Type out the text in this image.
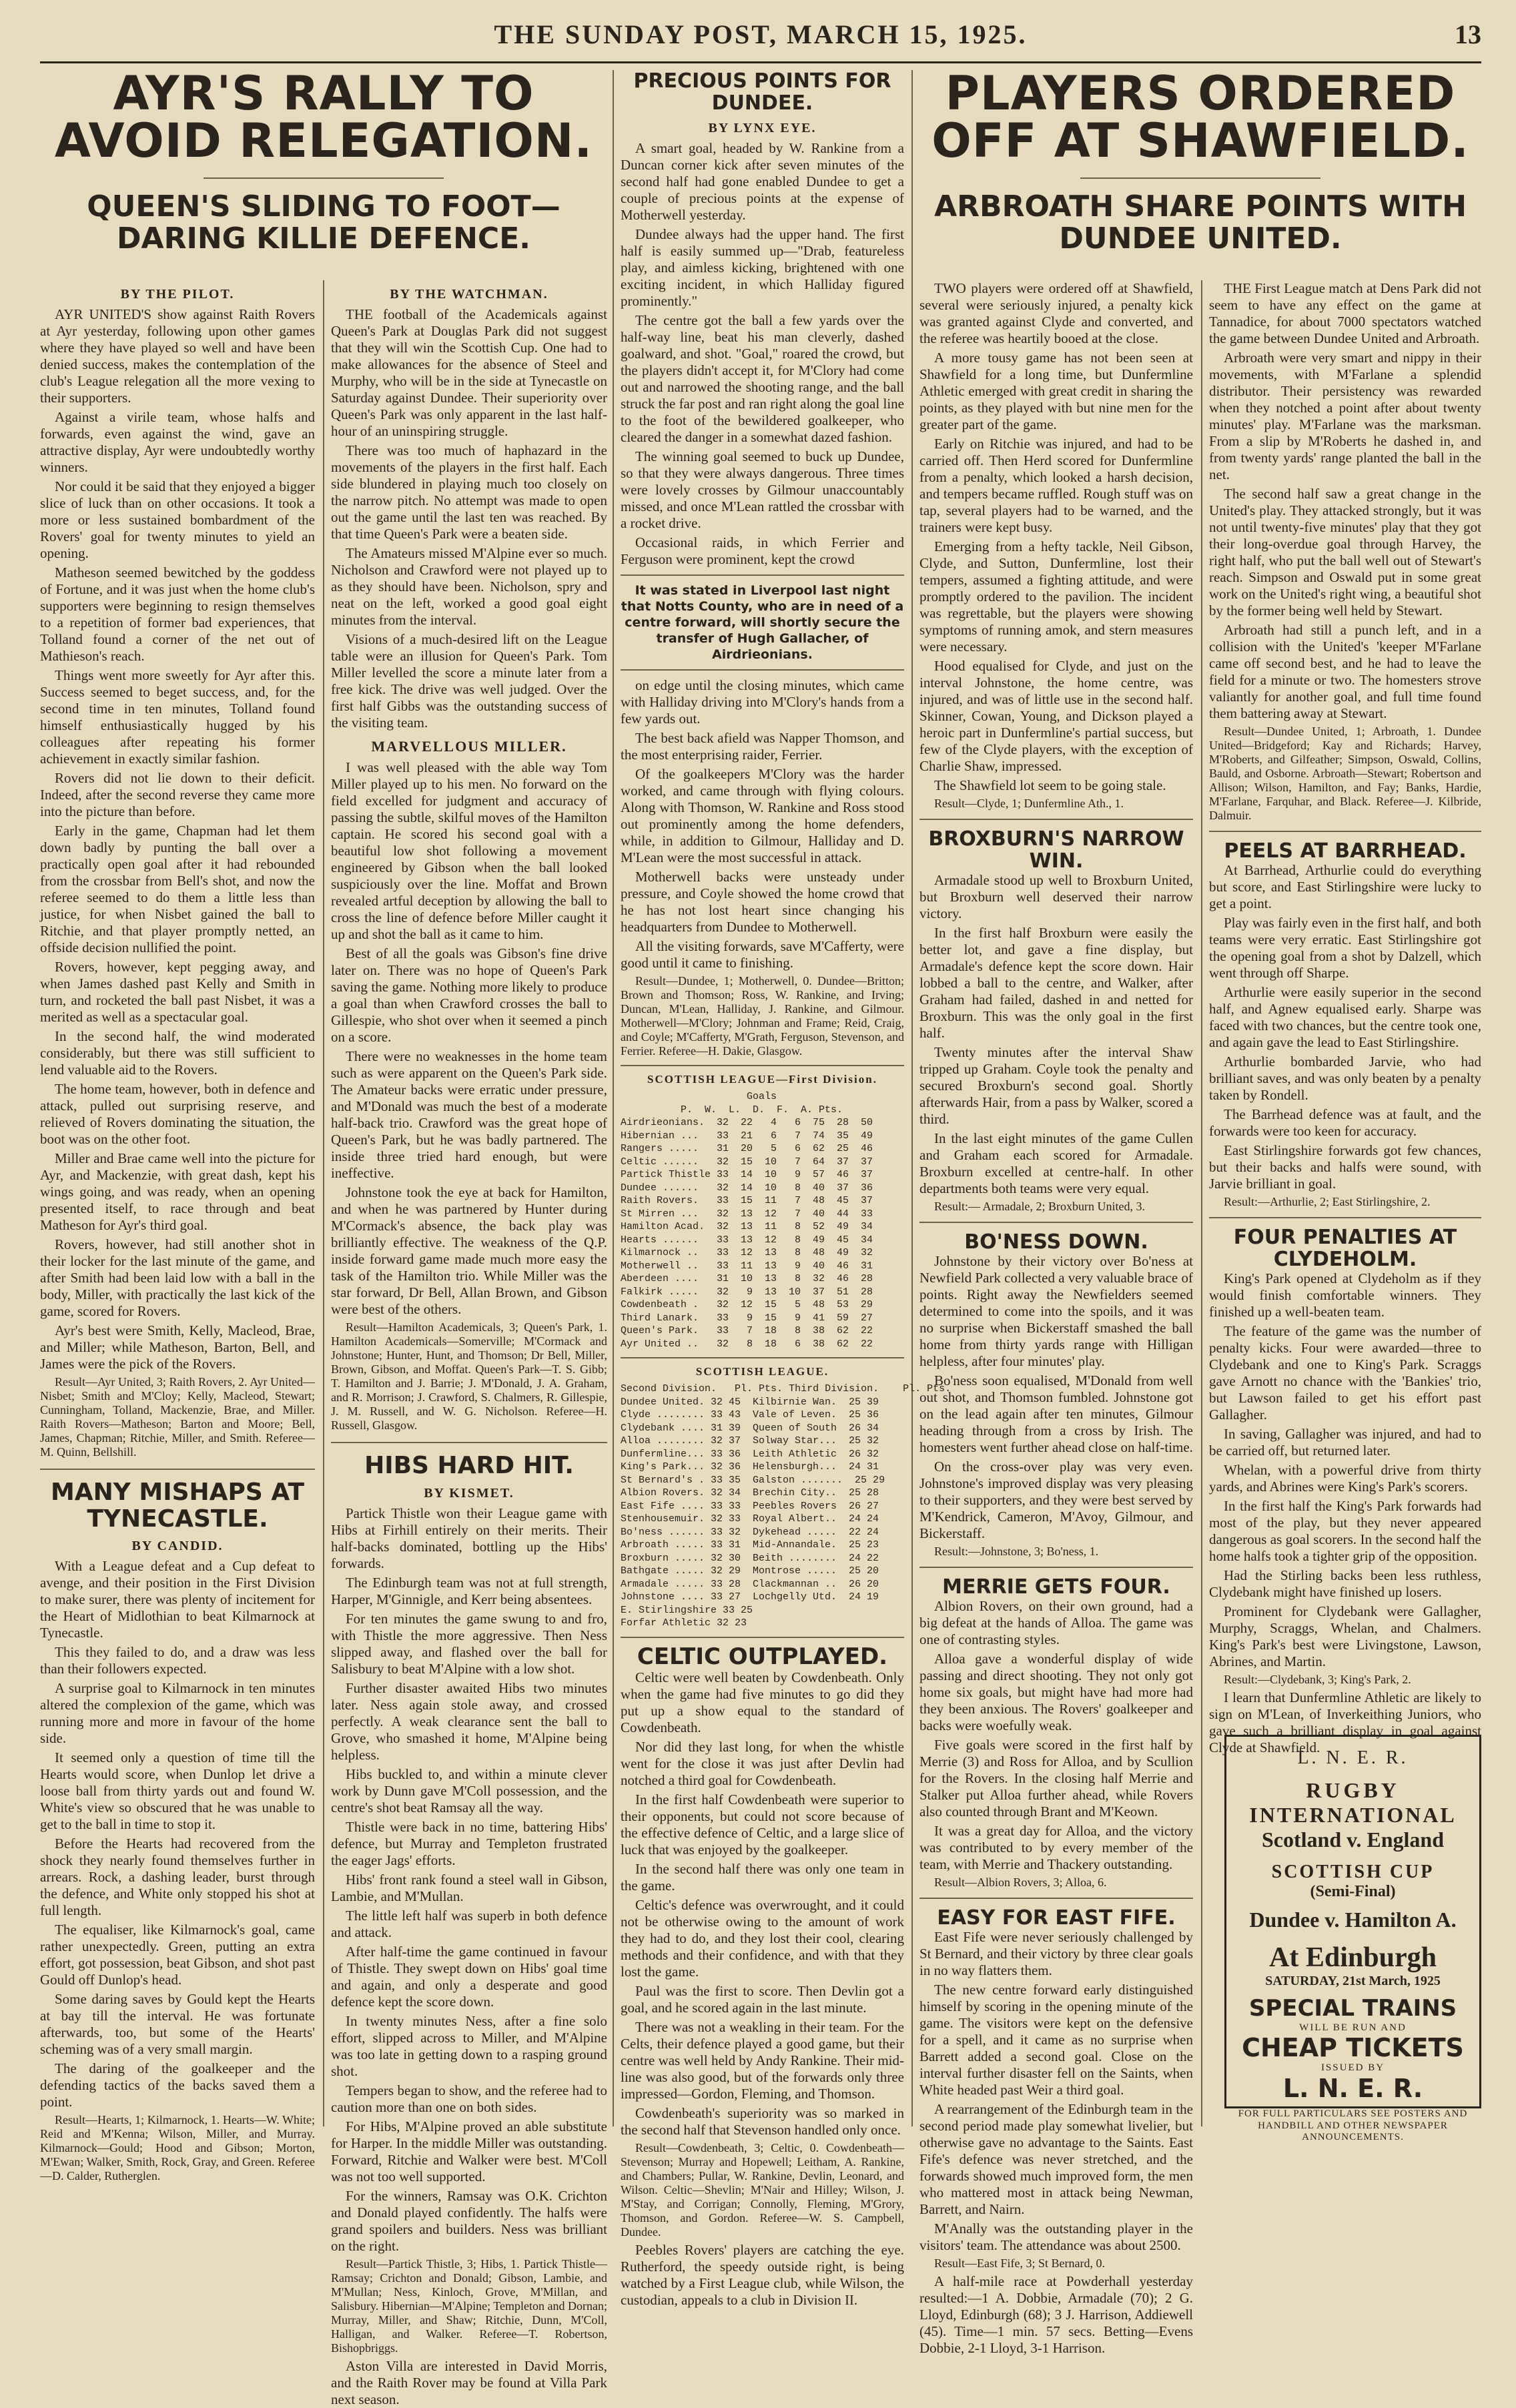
THE SUNDAY POST, MARCH 15, 1925.	13
AYR'S RALLY TO AVOID RELEGATION.
QUEEN'S SLIDING TO FOOT—DARING KILLIE DEFENCE.
BY THE PILOT.

AYR UNITED'S show against Raith Rovers at Ayr yesterday, following upon other games where they have played so well and have been denied success, makes the contemplation of the club's League relegation all the more vexing to their supporters.

Against a virile team, whose halfs and forwards, even against the wind, gave an attractive display, Ayr were undoubtedly worthy winners.

Nor could it be said that they enjoyed a bigger slice of luck than on other occasions. It took a more or less sustained bombardment of the Rovers' goal for twenty minutes to yield an opening.

Matheson seemed bewitched by the goddess of Fortune, and it was just when the home club's supporters were beginning to resign themselves to a repetition of former bad experiences, that Tolland found a corner of the net out of Mathieson's reach.

Things went more sweetly for Ayr after this. Success seemed to beget success, and, for the second time in ten minutes, Tolland found himself enthusiastically hugged by his colleagues after repeating his former achievement in exactly similar fashion.

Rovers did not lie down to their deficit. Indeed, after the second reverse they came more into the picture than before.

Early in the game, Chapman had let them down badly by punting the ball over a practically open goal after it had rebounded from the crossbar from Bell's shot, and now the referee seemed to do them a little less than justice, for when Nisbet gained the ball to Ritchie, and that player promptly netted, an offside decision nullified the point.

Rovers, however, kept pegging away, and when James dashed past Kelly and Smith in turn, and rocketed the ball past Nisbet, it was a merited as well as a spectacular goal.

In the second half, the wind moderated considerably, but there was still sufficient to lend valuable aid to the Rovers.

The home team, however, both in defence and attack, pulled out surprising reserve, and relieved of Rovers dominating the situation, the boot was on the other foot.

Miller and Brae came well into the picture for Ayr, and Mackenzie, with great dash, kept his wings going, and was ready, when an opening presented itself, to race through and beat Matheson for Ayr's third goal.

Rovers, however, had still another shot in their locker for the last minute of the game, and after Smith had been laid low with a ball in the body, Miller, with practically the last kick of the game, scored for Rovers.

Ayr's best were Smith, Kelly, Macleod, Brae, and Miller; while Matheson, Barton, Bell, and James were the pick of the Rovers.

Result—Ayr United, 3; Raith Rovers, 2. Ayr United—Nisbet; Smith and M'Cloy; Kelly, Macleod, Stewart; Cunningham, Tolland, Mackenzie, Brae, and Miller. Raith Rovers—Matheson; Barton and Moore; Bell, James, Chapman; Ritchie, Miller, and Smith. Referee—M. Quinn, Bellshill.

MANY MISHAPS AT TYNECASTLE.
BY CANDID.

With a League defeat and a Cup defeat to avenge, and their position in the First Division to make surer, there was plenty of incitement for the Heart of Midlothian to beat Kilmarnock at Tynecastle.

This they failed to do, and a draw was less than their followers expected.

A surprise goal to Kilmarnock in ten minutes altered the complexion of the game, which was running more and more in favour of the home side.

It seemed only a question of time till the Hearts would score, when Dunlop let drive a loose ball from thirty yards out and found W. White's view so obscured that he was unable to get to the ball in time to stop it.

Before the Hearts had recovered from the shock they nearly found themselves further in arrears. Rock, a dashing leader, burst through the defence, and White only stopped his shot at full length.

The equaliser, like Kilmarnock's goal, came rather unexpectedly. Green, putting an extra effort, got possession, beat Gibson, and shot past Gould off Dunlop's head.

Some daring saves by Gould kept the Hearts at bay till the interval. He was fortunate afterwards, too, but some of the Hearts' scheming was of a very small margin.

The daring of the goalkeeper and the defending tactics of the backs saved them a point.

Result—Hearts, 1; Kilmarnock, 1. Hearts—W. White; Reid and M'Kenna; Wilson, Miller, and Murray. Kilmarnock—Gould; Hood and Gibson; Morton, M'Ewan; Walker, Smith, Rock, Gray, and Green. Referee—D. Calder, Rutherglen.

BY THE WATCHMAN.

THE football of the Academicals against Queen's Park at Douglas Park did not suggest that they will win the Scottish Cup. One had to make allowances for the absence of Steel and Murphy, who will be in the side at Tynecastle on Saturday against Dundee. Their superiority over Queen's Park was only apparent in the last half-hour of an uninspiring struggle.

There was too much of haphazard in the movements of the players in the first half. Each side blundered in playing much too closely on the narrow pitch. No attempt was made to open out the game until the last ten was reached. By that time Queen's Park were a beaten side.

The Amateurs missed M'Alpine ever so much. Nicholson and Crawford were not played up to as they should have been. Nicholson, spry and neat on the left, worked a good goal eight minutes from the interval.

Visions of a much-desired lift on the League table were an illusion for Queen's Park. Tom Miller levelled the score a minute later from a free kick. The drive was well judged. Over the first half Gibbs was the outstanding success of the visiting team.

MARVELLOUS MILLER.

I was well pleased with the able way Tom Miller played up to his men. No forward on the field excelled for judgment and accuracy of passing the subtle, skilful moves of the Hamilton captain. He scored his second goal with a beautiful low shot following a movement engineered by Gibson when the ball looked suspiciously over the line. Moffat and Brown revealed artful deception by allowing the ball to cross the line of defence before Miller caught it up and shot the ball as it came to him.

Best of all the goals was Gibson's fine drive later on. There was no hope of Queen's Park saving the game. Nothing more likely to produce a goal than when Crawford crosses the ball to Gillespie, who shot over when it seemed a pinch on a score.

There were no weaknesses in the home team such as were apparent on the Queen's Park side. The Amateur backs were erratic under pressure, and M'Donald was much the best of a moderate half-back trio. Crawford was the great hope of Queen's Park, but he was badly partnered. The inside three tried hard enough, but were ineffective.

Johnstone took the eye at back for Hamilton, and when he was partnered by Hunter during M'Cormack's absence, the back play was brilliantly effective. The weakness of the Q.P. inside forward game made much more easy the task of the Hamilton trio. While Miller was the star forward, Dr Bell, Allan Brown, and Gibson were best of the others.

Result—Hamilton Academicals, 3; Queen's Park, 1. Hamilton Academicals—Somerville; M'Cormack and Johnstone; Hunter, Hunt, and Thomson; Dr Bell, Miller, Brown, Gibson, and Moffat. Queen's Park—T. S. Gibb; T. Hamilton and J. Barrie; J. M'Donald, J. A. Graham, and R. Morrison; J. Crawford, S. Chalmers, R. Gillespie, J. M. Russell, and W. G. Nicholson. Referee—H. Russell, Glasgow.

HIBS HARD HIT.
BY KISMET.

Partick Thistle won their League game with Hibs at Firhill entirely on their merits. Their half-backs dominated, bottling up the Hibs' forwards.

The Edinburgh team was not at full strength, Harper, M'Ginnigle, and Kerr being absentees.

For ten minutes the game swung to and fro, with Thistle the more aggressive. Then Ness slipped away, and flashed over the ball for Salisbury to beat M'Alpine with a low shot.

Further disaster awaited Hibs two minutes later. Ness again stole away, and crossed perfectly. A weak clearance sent the ball to Grove, who smashed it home, M'Alpine being helpless.

Hibs buckled to, and within a minute clever work by Dunn gave M'Coll possession, and the centre's shot beat Ramsay all the way.

Thistle were back in no time, battering Hibs' defence, but Murray and Templeton frustrated the eager Jags' efforts.

Hibs' front rank found a steel wall in Gibson, Lambie, and M'Mullan.

The little left half was superb in both defence and attack.

After half-time the game continued in favour of Thistle. They swept down on Hibs' goal time and again, and only a desperate and good defence kept the score down.

In twenty minutes Ness, after a fine solo effort, slipped across to Miller, and M'Alpine was too late in getting down to a rasping ground shot.

Tempers began to show, and the referee had to caution more than one on both sides.

For Hibs, M'Alpine proved an able substitute for Harper. In the middle Miller was outstanding. Forward, Ritchie and Walker were best. M'Coll was not too well supported.

For the winners, Ramsay was O.K. Crichton and Donald played confidently. The halfs were grand spoilers and builders. Ness was brilliant on the right.

Result—Partick Thistle, 3; Hibs, 1. Partick Thistle—Ramsay; Crichton and Donald; Gibson, Lambie, and M'Mullan; Ness, Kinloch, Grove, M'Millan, and Salisbury. Hibernian—M'Alpine; Templeton and Dornan; Murray, Miller, and Shaw; Ritchie, Dunn, M'Coll, Halligan, and Walker. Referee—T. Robertson, Bishopbriggs.

Aston Villa are interested in David Morris, and the Raith Rover may be found at Villa Park next season.

PRECIOUS POINTS FOR DUNDEE.
BY LYNX EYE.

A smart goal, headed by W. Rankine from a Duncan corner kick after seven minutes of the second half had gone enabled Dundee to get a couple of precious points at the expense of Motherwell yesterday.

Dundee always had the upper hand. The first half is easily summed up—"Drab, featureless play, and aimless kicking, brightened with one exciting incident, in which Halliday figured prominently."

The centre got the ball a few yards over the half-way line, beat his man cleverly, dashed goalward, and shot. "Goal," roared the crowd, but the players didn't accept it, for M'Clory had come out and narrowed the shooting range, and the ball struck the far post and ran right along the goal line to the foot of the bewildered goalkeeper, who cleared the danger in a somewhat dazed fashion.

The winning goal seemed to buck up Dundee, so that they were always dangerous. Three times were lovely crosses by Gilmour unaccountably missed, and once M'Lean rattled the crossbar with a rocket drive.

Occasional raids, in which Ferrier and Ferguson were prominent, kept the crowd

It was stated in Liverpool last night that Notts County, who are in need of a centre forward, will shortly secure the transfer of Hugh Gallacher, of Airdrieonians.

on edge until the closing minutes, which came with Halliday driving into M'Clory's hands from a few yards out.

The best back afield was Napper Thomson, and the most enterprising raider, Ferrier.

Of the goalkeepers M'Clory was the harder worked, and came through with flying colours. Along with Thomson, W. Rankine and Ross stood out prominently among the home defenders, while, in addition to Gilmour, Halliday and D. M'Lean were the most successful in attack.

Motherwell backs were unsteady under pressure, and Coyle showed the home crowd that he has not lost heart since changing his headquarters from Dundee to Motherwell.

All the visiting forwards, save M'Cafferty, were good until it came to finishing.

Result—Dundee, 1; Motherwell, 0. Dundee—Britton; Brown and Thomson; Ross, W. Rankine, and Irving; Duncan, M'Lean, Halliday, J. Rankine, and Gilmour. Motherwell—M'Clory; Johnman and Frame; Reid, Craig, and Coyle; M'Cafferty, M'Grath, Ferguson, Stevenson, and Ferrier. Referee—H. Dakie, Glasgow.

SCOTTISH LEAGUE—First Division.
Goals
P.  W.  L.  D.  F.  A. Pts.
Airdrieonians.  32  22   4   6  75  28  50
Hibernian ...   33  21   6   7  74  35  49
Rangers .....   31  20   5   6  62  25  46
Celtic ......   32  15  10   7  64  37  37
Partick Thistle 33  14  10   9  57  46  37
Dundee ......   32  14  10   8  40  37  36
Raith Rovers.   33  15  11   7  48  45  37
St Mirren ...   32  13  12   7  40  44  33
Hamilton Acad.  32  13  11   8  52  49  34
Hearts ......   33  13  12   8  49  45  34
Kilmarnock ..   33  12  13   8  48  49  32
Motherwell ..   33  11  13   9  40  46  31
Aberdeen ....   31  10  13   8  32  46  28
Falkirk .....   32   9  13  10  37  51  28
Cowdenbeath .   32  12  15   5  48  53  29
Third Lanark.   33   9  15   9  41  59  27
Queen's Park.   33   7  18   8  38  62  22
Ayr United ..   32   8  18   6  38  62  22
SCOTTISH LEAGUE.
Second Division.   Pl. Pts. Third Division.    Pl. Pts.
Dundee United. 32 45  Kilbirnie Wan.  25 39
Clyde ........ 33 43  Vale of Leven.  25 36
Clydebank .... 31 39  Queen of South  26 34
Alloa ........ 32 37  Solway Star...  25 32
Dunfermline... 33 36  Leith Athletic  26 32
King's Park... 32 36  Helensburgh...  24 31
St Bernard's . 33 35  Galston .......  25 29
Albion Rovers. 32 34  Brechin City..  25 28
East Fife .... 33 33  Peebles Rovers  26 27
Stenhousemuir. 32 33  Royal Albert..  24 24
Bo'ness ...... 33 32  Dykehead .....  22 24
Arbroath ..... 33 31  Mid-Annandale.  25 23
Broxburn ..... 32 30  Beith ........  24 22
Bathgate ..... 32 29  Montrose .....  25 20
Armadale ..... 33 28  Clackmannan ..  26 20
Johnstone .... 33 27  Lochgelly Utd.  24 19
E. Stirlingshire 33 25
Forfar Athletic 32 23
CELTIC OUTPLAYED.

Celtic were well beaten by Cowdenbeath. Only when the game had five minutes to go did they put up a show equal to the standard of Cowdenbeath.

Nor did they last long, for when the whistle went for the close it was just after Devlin had notched a third goal for Cowdenbeath.

In the first half Cowdenbeath were superior to their opponents, but could not score because of the effective defence of Celtic, and a large slice of luck that was enjoyed by the goalkeeper.

In the second half there was only one team in the game.

Celtic's defence was overwrought, and it could not be otherwise owing to the amount of work they had to do, and they lost their cool, clearing methods and their confidence, and with that they lost the game.

Paul was the first to score. Then Devlin got a goal, and he scored again in the last minute.

There was not a weakling in their team. For the Celts, their defence played a good game, but their centre was well held by Andy Rankine. Their mid-line was also good, but of the forwards only three impressed—Gordon, Fleming, and Thomson.

Cowdenbeath's superiority was so marked in the second half that Stevenson handled only once.

Result—Cowdenbeath, 3; Celtic, 0. Cowdenbeath—Stevenson; Murray and Hopewell; Leitham, A. Rankine, and Chambers; Pullar, W. Rankine, Devlin, Leonard, and Wilson. Celtic—Shevlin; M'Nair and Hilley; Wilson, J. M'Stay, and Corrigan; Connolly, Fleming, M'Grory, Thomson, and Gordon. Referee—W. S. Campbell, Dundee.

Peebles Rovers' players are catching the eye. Rutherford, the speedy outside right, is being watched by a First League club, while Wilson, the custodian, appeals to a club in Division II.

PLAYERS ORDERED OFF AT SHAWFIELD.
ARBROATH SHARE POINTS WITH DUNDEE UNITED.

TWO players were ordered off at Shawfield, several were seriously injured, a penalty kick was granted against Clyde and converted, and the referee was heartily booed at the close.

A more tousy game has not been seen at Shawfield for a long time, but Dunfermline Athletic emerged with great credit in sharing the points, as they played with but nine men for the greater part of the game.

Early on Ritchie was injured, and had to be carried off. Then Herd scored for Dunfermline from a penalty, which looked a harsh decision, and tempers became ruffled. Rough stuff was on tap, several players had to be warned, and the trainers were kept busy.

Emerging from a hefty tackle, Neil Gibson, Clyde, and Sutton, Dunfermline, lost their tempers, assumed a fighting attitude, and were promptly ordered to the pavilion. The incident was regrettable, but the players were showing symptoms of running amok, and stern measures were necessary.

Hood equalised for Clyde, and just on the interval Johnstone, the home centre, was injured, and was of little use in the second half. Skinner, Cowan, Young, and Dickson played a heroic part in Dunfermline's partial success, but few of the Clyde players, with the exception of Charlie Shaw, impressed.

The Shawfield lot seem to be going stale.

Result—Clyde, 1; Dunfermline Ath., 1.

BROXBURN'S NARROW WIN.

Armadale stood up well to Broxburn United, but Broxburn well deserved their narrow victory.

In the first half Broxburn were easily the better lot, and gave a fine display, but Armadale's defence kept the score down. Hair lobbed a ball to the centre, and Walker, after Graham had failed, dashed in and netted for Broxburn. This was the only goal in the first half.

Twenty minutes after the interval Shaw tripped up Graham. Coyle took the penalty and secured Broxburn's second goal. Shortly afterwards Hair, from a pass by Walker, scored a third.

In the last eight minutes of the game Cullen and Graham each scored for Armadale. Broxburn excelled at centre-half. In other departments both teams were very equal.

Result:— Armadale, 2; Broxburn United, 3.

BO'NESS DOWN.

Johnstone by their victory over Bo'ness at Newfield Park collected a very valuable brace of points. Right away the Newfielders seemed determined to come into the spoils, and it was no surprise when Bickerstaff smashed the ball home from thirty yards range with Hilligan helpless, after four minutes' play.

Bo'ness soon equalised, M'Donald from well out shot, and Thomson fumbled. Johnstone got on the lead again after ten minutes, Gilmour heading through from a cross by Irish. The homesters went further ahead close on half-time.

On the cross-over play was very even. Johnstone's improved display was very pleasing to their supporters, and they were best served by M'Kendrick, Cameron, M'Avoy, Gilmour, and Bickerstaff.

Result:—Johnstone, 3; Bo'ness, 1.

MERRIE GETS FOUR.

Albion Rovers, on their own ground, had a big defeat at the hands of Alloa. The game was one of contrasting styles.

Alloa gave a wonderful display of wide passing and direct shooting. They not only got home six goals, but might have had more had they been anxious. The Rovers' goalkeeper and backs were woefully weak.

Five goals were scored in the first half by Merrie (3) and Ross for Alloa, and by Scullion for the Rovers. In the closing half Merrie and Stalker put Alloa further ahead, while Rovers also counted through Brant and M'Keown.

It was a great day for Alloa, and the victory was contributed to by every member of the team, with Merrie and Thackery outstanding.

Result—Albion Rovers, 3; Alloa, 6.

EASY FOR EAST FIFE.

East Fife were never seriously challenged by St Bernard, and their victory by three clear goals in no way flatters them.

The new centre forward early distinguished himself by scoring in the opening minute of the game. The visitors were kept on the defensive for a spell, and it came as no surprise when Barrett added a second goal. Close on the interval further disaster fell on the Saints, when White headed past Weir a third goal.

A rearrangement of the Edinburgh team in the second period made play somewhat livelier, but otherwise gave no advantage to the Saints. East Fife's defence was never stretched, and the forwards showed much improved form, the men who mattered most in attack being Newman, Barrett, and Nairn.

M'Anally was the outstanding player in the visitors' team. The attendance was about 2500.

Result—East Fife, 3; St Bernard, 0.

A half-mile race at Powderhall yesterday resulted:—1 A. Dobbie, Armadale (70); 2 G. Lloyd, Edinburgh (68); 3 J. Harrison, Addiewell (45). Time—1 min. 57 secs. Betting—Evens Dobbie, 2-1 Lloyd, 3-1 Harrison.

THE First League match at Dens Park did not seem to have any effect on the game at Tannadice, for about 7000 spectators watched the game between Dundee United and Arbroath.

Arbroath were very smart and nippy in their movements, with M'Farlane a splendid distributor. Their persistency was rewarded when they notched a point after about twenty minutes' play. M'Farlane was the marksman. From a slip by M'Roberts he dashed in, and from twenty yards' range planted the ball in the net.

The second half saw a great change in the United's play. They attacked strongly, but it was not until twenty-five minutes' play that they got their long-overdue goal through Harvey, the right half, who put the ball well out of Stewart's reach. Simpson and Oswald put in some great work on the United's right wing, a beautiful shot by the former being well held by Stewart.

Arbroath had still a punch left, and in a collision with the United's 'keeper M'Farlane came off second best, and he had to leave the field for a minute or two. The homesters strove valiantly for another goal, and full time found them battering away at Stewart.

Result—Dundee United, 1; Arbroath, 1. Dundee United—Bridgeford; Kay and Richards; Harvey, M'Roberts, and Gilfeather; Simpson, Oswald, Collins, Bauld, and Osborne. Arbroath—Stewart; Robertson and Allison; Wilson, Hamilton, and Fay; Banks, Hardie, M'Farlane, Farquhar, and Black. Referee—J. Kilbride, Dalmuir.

PEELS AT BARRHEAD.

At Barrhead, Arthurlie could do everything but score, and East Stirlingshire were lucky to get a point.

Play was fairly even in the first half, and both teams were very erratic. East Stirlingshire got the opening goal from a shot by Dalzell, which went through off Sharpe.

Arthurlie were easily superior in the second half, and Agnew equalised early. Sharpe was faced with two chances, but the centre took one, and again gave the lead to East Stirlingshire.

Arthurlie bombarded Jarvie, who had brilliant saves, and was only beaten by a penalty taken by Rondell.

The Barrhead defence was at fault, and the forwards were too keen for accuracy.

East Stirlingshire forwards got few chances, but their backs and halfs were sound, with Jarvie brilliant in goal.

Result:—Arthurlie, 2; East Stirlingshire, 2.

FOUR PENALTIES AT CLYDEHOLM.

King's Park opened at Clydeholm as if they would finish comfortable winners. They finished up a well-beaten team.

The feature of the game was the number of penalty kicks. Four were awarded—three to Clydebank and one to King's Park. Scraggs gave Arnott no chance with the 'Bankies' trio, but Lawson failed to get his effort past Gallagher.

In saving, Gallagher was injured, and had to be carried off, but returned later.

Whelan, with a powerful drive from thirty yards, and Abrines were King's Park's scorers.

In the first half the King's Park forwards had most of the play, but they never appeared dangerous as goal scorers. In the second half the home halfs took a tighter grip of the opposition.

Had the Stirling backs been less ruthless, Clydebank might have finished up losers.

Prominent for Clydebank were Gallagher, Murphy, Scraggs, Whelan, and Chalmers. King's Park's best were Livingstone, Lawson, Abrines, and Martin.

Result:—Clydebank, 3; King's Park, 2.

I learn that Dunfermline Athletic are likely to sign on M'Lean, of Inverkeithing Juniors, who gave such a brilliant display in goal against Clyde at Shawfield.

L. N. E. R.

RUGBY

INTERNATIONAL

Scotland v. England

SCOTTISH CUP

(Semi-Final)

Dundee v. Hamilton A.

At Edinburgh

SATURDAY, 21st March, 1925

SPECIAL TRAINS

WILL BE RUN AND

CHEAP TICKETS

ISSUED BY

L. N. E. R.

FOR FULL PARTICULARS SEE POSTERS AND HANDBILL AND OTHER NEWSPAPER ANNOUNCEMENTS.
